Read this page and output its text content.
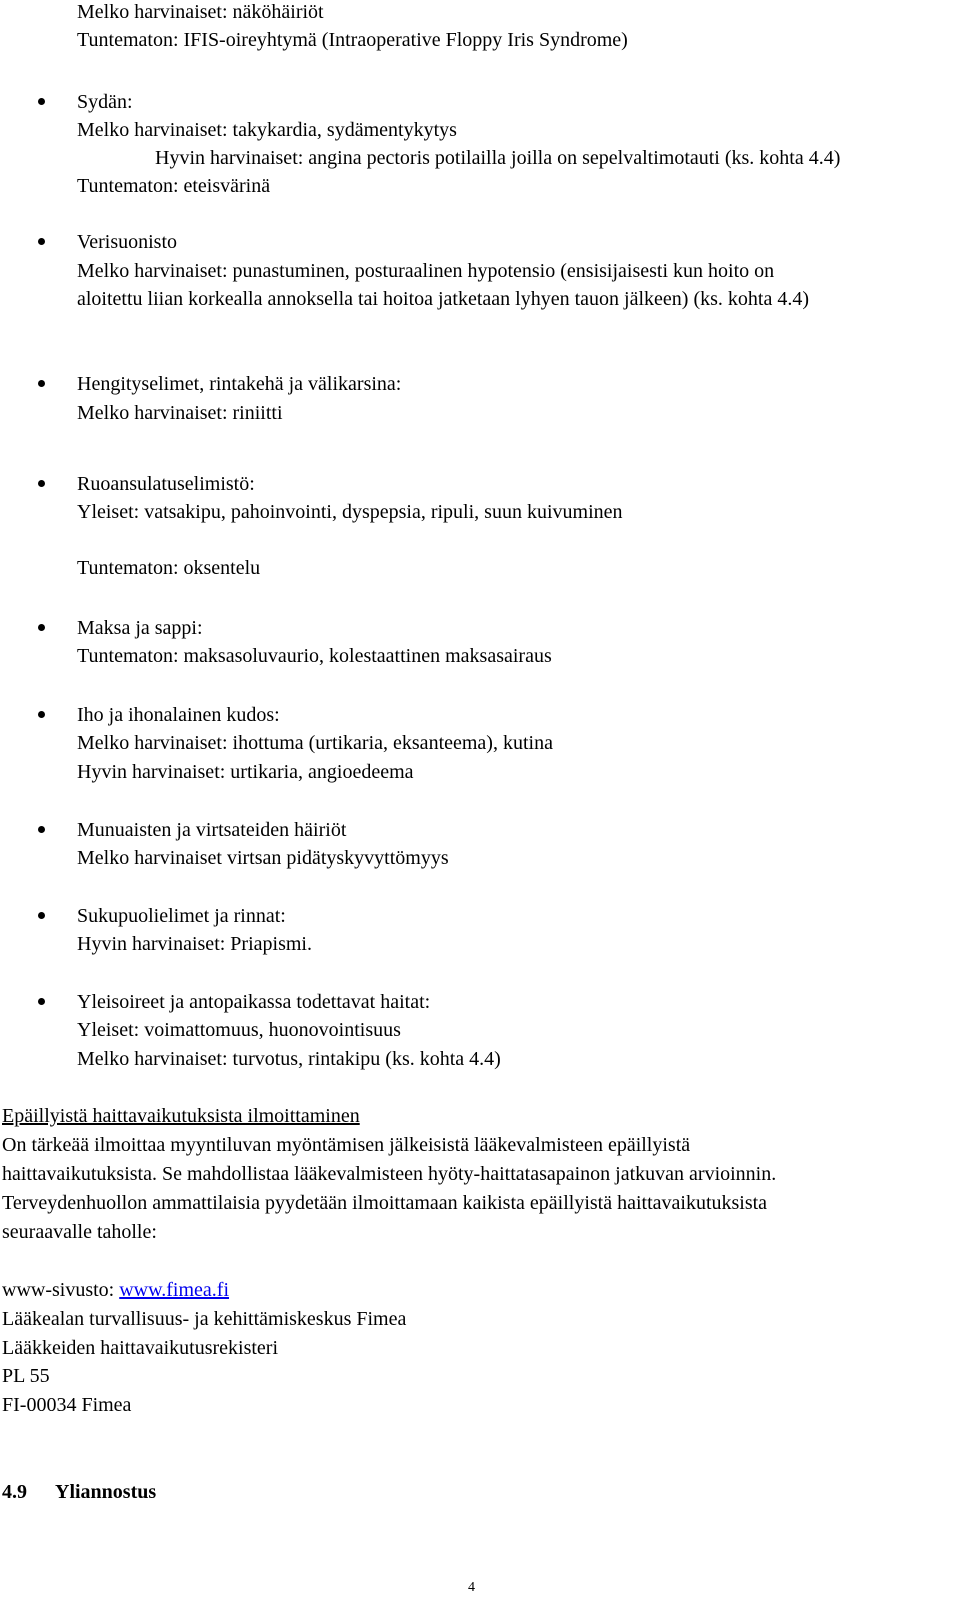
Melko harvinaiset: näköhäiriöt
Tuntematon: IFIS-oireyhtymä (Intraoperative Floppy Iris Syndrome)
Sydän:
Melko harvinaiset: takykardia, sydämentykytys
Hyvin harvinaiset: angina pectoris potilailla joilla on sepelvaltimotauti (ks. kohta 4.4)
Tuntematon: eteisvärinä
Verisuonisto
Melko harvinaiset: punastuminen, posturaalinen hypotensio (ensisijaisesti kun hoito on
aloitettu liian korkealla annoksella tai hoitoa jatketaan lyhyen tauon jälkeen) (ks. kohta 4.4)
Hengityselimet, rintakehä ja välikarsina:
Melko harvinaiset: riniitti
Ruoansulatuselimistö:
Yleiset: vatsakipu, pahoinvointi, dyspepsia, ripuli, suun kuivuminen
Tuntematon: oksentelu
Maksa ja sappi:
Tuntematon: maksasoluvaurio, kolestaattinen maksasairaus
Iho ja ihonalainen kudos:
Melko harvinaiset: ihottuma (urtikaria, eksanteema), kutina
Hyvin harvinaiset: urtikaria, angioedeema
Munuaisten ja virtsateiden häiriöt
Melko harvinaiset virtsan pidätyskyvyttömyys
Sukupuolielimet ja rinnat:
Hyvin harvinaiset: Priapismi.
Yleisoireet ja antopaikassa todettavat haitat:
Yleiset: voimattomuus, huonovointisuus
Melko harvinaiset: turvotus, rintakipu (ks. kohta 4.4)
Epäillyistä haittavaikutuksista ilmoittaminen
On tärkeää ilmoittaa myyntiluvan myöntämisen jälkeisistä lääkevalmisteen epäillyistä
haittavaikutuksista. Se mahdollistaa lääkevalmisteen hyöty-haittatasapainon jatkuvan arvioinnin.
Terveydenhuollon ammattilaisia pyydetään ilmoittamaan kaikista epäillyistä haittavaikutuksista
seuraavalle taholle:
www-sivusto: www.fimea.fi
Lääkealan turvallisuus- ja kehittämiskeskus Fimea
Lääkkeiden haittavaikutusrekisteri
PL 55
FI-00034 Fimea
4.9 Yliannostus
4
